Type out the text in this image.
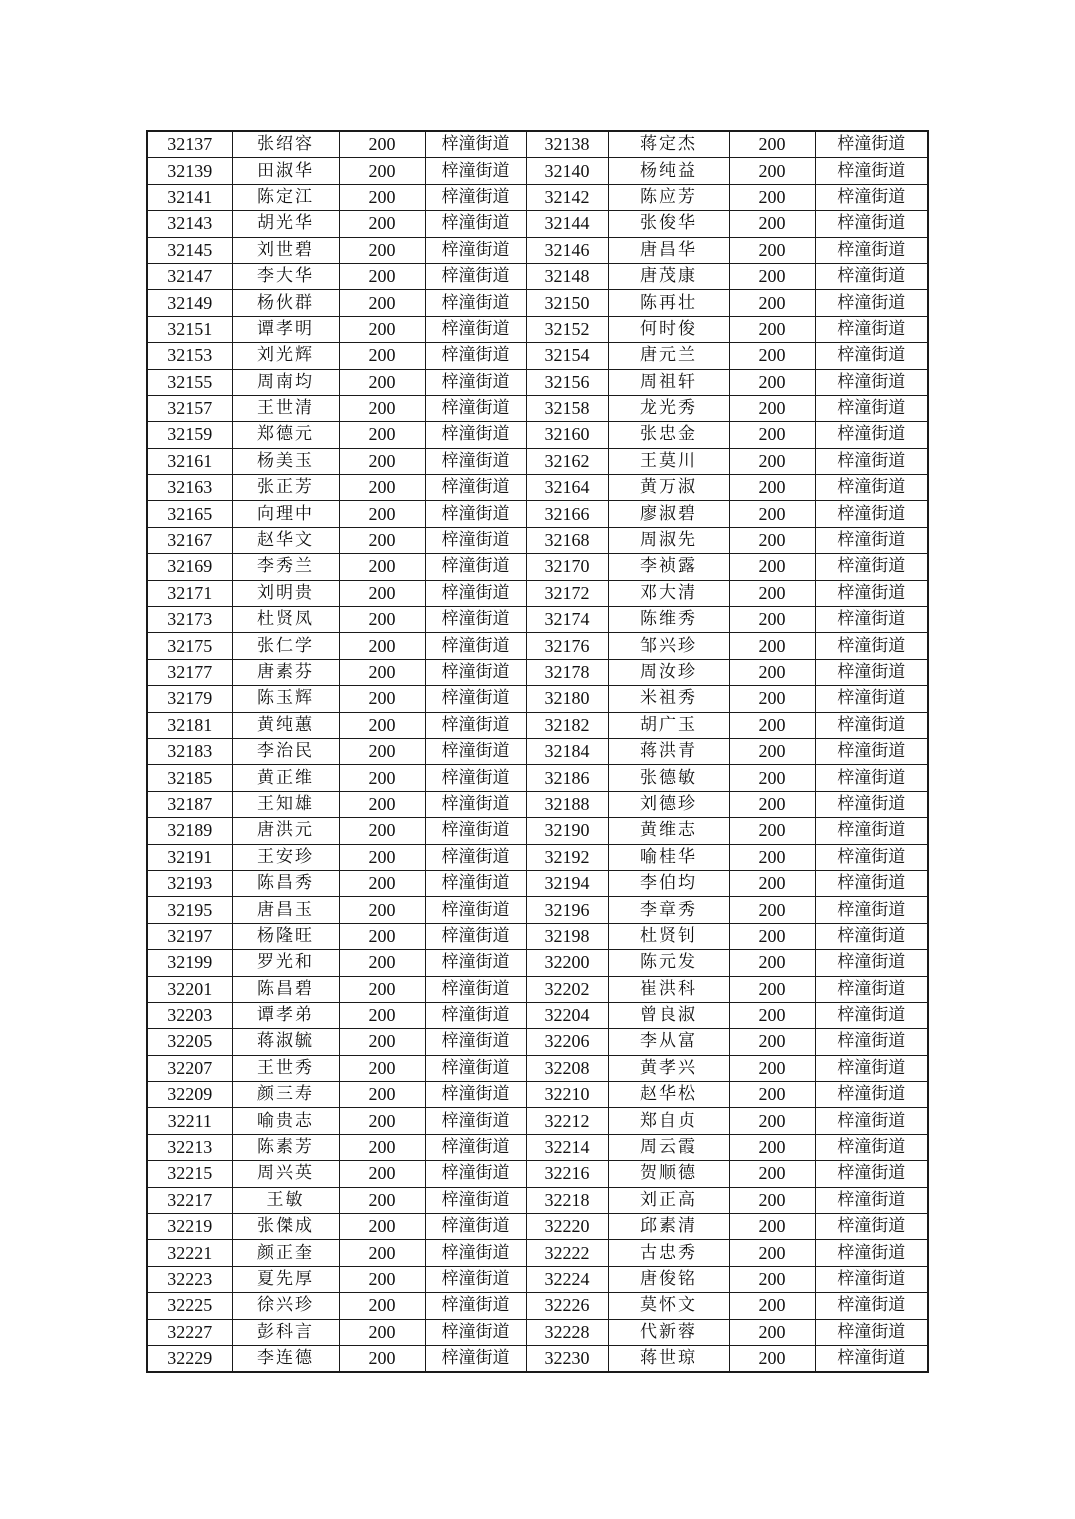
32137	张绍容	200	梓潼街道	32138	蒋定杰	200	梓潼街道
32139	田淑华	200	梓潼街道	32140	杨纯益	200	梓潼街道
32141	陈定江	200	梓潼街道	32142	陈应芳	200	梓潼街道
32143	胡光华	200	梓潼街道	32144	张俊华	200	梓潼街道
32145	刘世碧	200	梓潼街道	32146	唐昌华	200	梓潼街道
32147	李大华	200	梓潼街道	32148	唐茂康	200	梓潼街道
32149	杨伙群	200	梓潼街道	32150	陈再壮	200	梓潼街道
32151	谭孝明	200	梓潼街道	32152	何时俊	200	梓潼街道
32153	刘光辉	200	梓潼街道	32154	唐元兰	200	梓潼街道
32155	周南均	200	梓潼街道	32156	周祖轩	200	梓潼街道
32157	王世清	200	梓潼街道	32158	龙光秀	200	梓潼街道
32159	郑德元	200	梓潼街道	32160	张忠金	200	梓潼街道
32161	杨美玉	200	梓潼街道	32162	王莫川	200	梓潼街道
32163	张正芳	200	梓潼街道	32164	黄万淑	200	梓潼街道
32165	向理中	200	梓潼街道	32166	廖淑碧	200	梓潼街道
32167	赵华文	200	梓潼街道	32168	周淑先	200	梓潼街道
32169	李秀兰	200	梓潼街道	32170	李祯露	200	梓潼街道
32171	刘明贵	200	梓潼街道	32172	邓大清	200	梓潼街道
32173	杜贤凤	200	梓潼街道	32174	陈维秀	200	梓潼街道
32175	张仁学	200	梓潼街道	32176	邹兴珍	200	梓潼街道
32177	唐素芬	200	梓潼街道	32178	周汝珍	200	梓潼街道
32179	陈玉辉	200	梓潼街道	32180	米祖秀	200	梓潼街道
32181	黄纯蕙	200	梓潼街道	32182	胡广玉	200	梓潼街道
32183	李治民	200	梓潼街道	32184	蒋洪青	200	梓潼街道
32185	黄正维	200	梓潼街道	32186	张德敏	200	梓潼街道
32187	王知雄	200	梓潼街道	32188	刘德珍	200	梓潼街道
32189	唐洪元	200	梓潼街道	32190	黄维志	200	梓潼街道
32191	王安珍	200	梓潼街道	32192	喻桂华	200	梓潼街道
32193	陈昌秀	200	梓潼街道	32194	李伯均	200	梓潼街道
32195	唐昌玉	200	梓潼街道	32196	李章秀	200	梓潼街道
32197	杨隆旺	200	梓潼街道	32198	杜贤钊	200	梓潼街道
32199	罗光和	200	梓潼街道	32200	陈元发	200	梓潼街道
32201	陈昌碧	200	梓潼街道	32202	崔洪科	200	梓潼街道
32203	谭孝弟	200	梓潼街道	32204	曾良淑	200	梓潼街道
32205	蒋淑毓	200	梓潼街道	32206	李从富	200	梓潼街道
32207	王世秀	200	梓潼街道	32208	黄孝兴	200	梓潼街道
32209	颜三寿	200	梓潼街道	32210	赵华松	200	梓潼街道
32211	喻贵志	200	梓潼街道	32212	郑自贞	200	梓潼街道
32213	陈素芳	200	梓潼街道	32214	周云霞	200	梓潼街道
32215	周兴英	200	梓潼街道	32216	贺顺德	200	梓潼街道
32217	王敏	200	梓潼街道	32218	刘正高	200	梓潼街道
32219	张傑成	200	梓潼街道	32220	邱素清	200	梓潼街道
32221	颜正奎	200	梓潼街道	32222	古忠秀	200	梓潼街道
32223	夏先厚	200	梓潼街道	32224	唐俊铭	200	梓潼街道
32225	徐兴珍	200	梓潼街道	32226	莫怀文	200	梓潼街道
32227	彭科言	200	梓潼街道	32228	代新蓉	200	梓潼街道
32229	李连德	200	梓潼街道	32230	蒋世琼	200	梓潼街道
